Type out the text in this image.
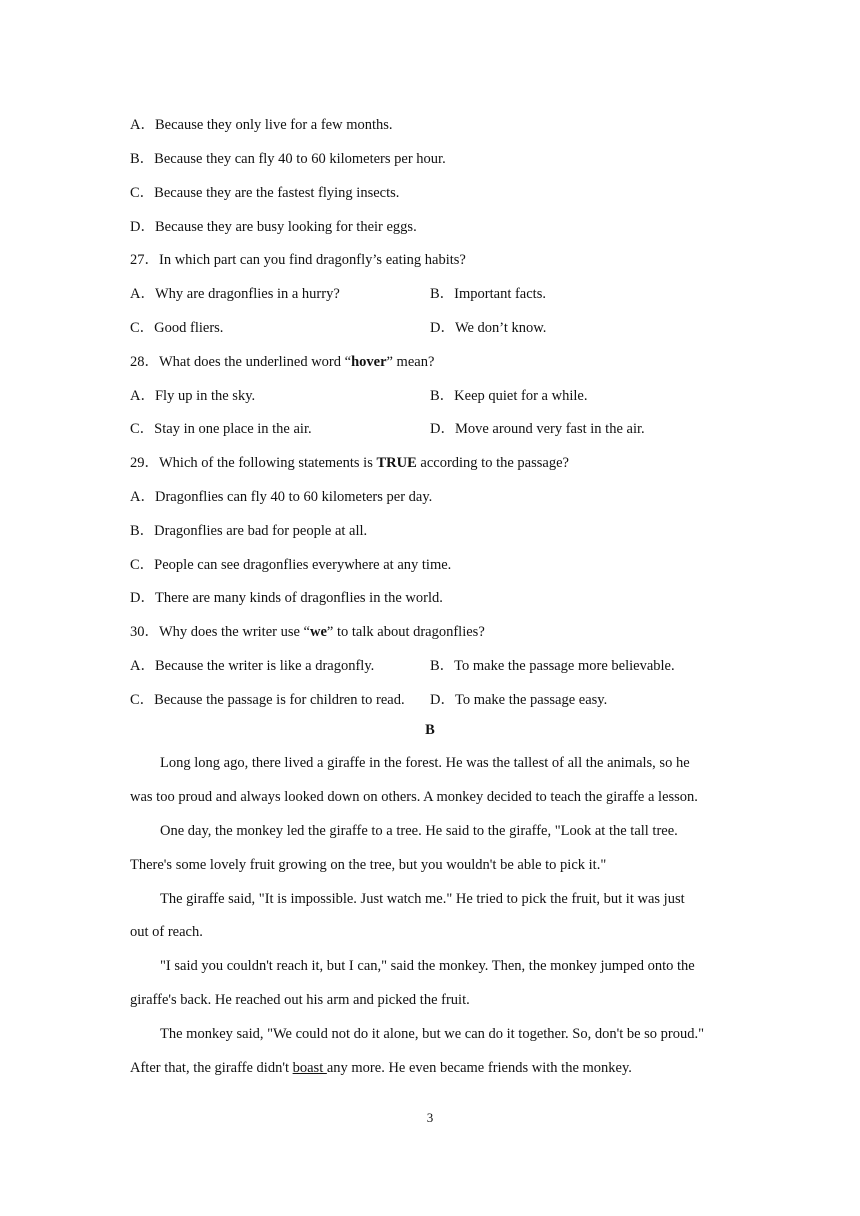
A．Because they only live for a few months.
B．Because they can fly 40 to 60 kilometers per hour.
C．Because they are the fastest flying insects.
D．Because they are busy looking for their eggs.
27．In which part can you find dragonfly’s eating habits?
A．Why are dragonflies in a hurry?	B．Important facts.
C．Good fliers.	D．We don’t know.
28．What does the underlined word “hover” mean?
A．Fly up in the sky.	B．Keep quiet for a while.
C．Stay in one place in the air.	D．Move around very fast in the air.
29．Which of the following statements is TRUE according to the passage?
A．Dragonflies can fly 40 to 60 kilometers per day.
B．Dragonflies are bad for people at all.
C．People can see dragonflies everywhere at any time.
D．There are many kinds of dragonflies in the world.
30．Why does the writer use “we” to talk about dragonflies?
A．Because the writer is like a dragonfly.	B．To make the passage more believable.
C．Because the passage is for children to read. D．To make the passage easy.
B
Long long ago, there lived a giraffe in the forest. He was the tallest of all the animals, so he
was too proud and always looked down on others. A monkey decided to teach the giraffe a lesson.
One day, the monkey led the giraffe to a tree. He said to the giraffe, "Look at the tall tree.
There's some lovely fruit growing on the tree, but you wouldn't be able to pick it."
The giraffe said, "It is impossible. Just watch me." He tried to pick the fruit, but it was just
out of reach.
"I said you couldn't reach it, but I can," said the monkey. Then, the monkey jumped onto the
giraffe's back. He reached out his arm and picked the fruit.
The monkey said, "We could not do it alone, but we can do it together. So, don't be so proud."
After that, the giraffe didn't boast any more. He even became friends with the monkey.
3
